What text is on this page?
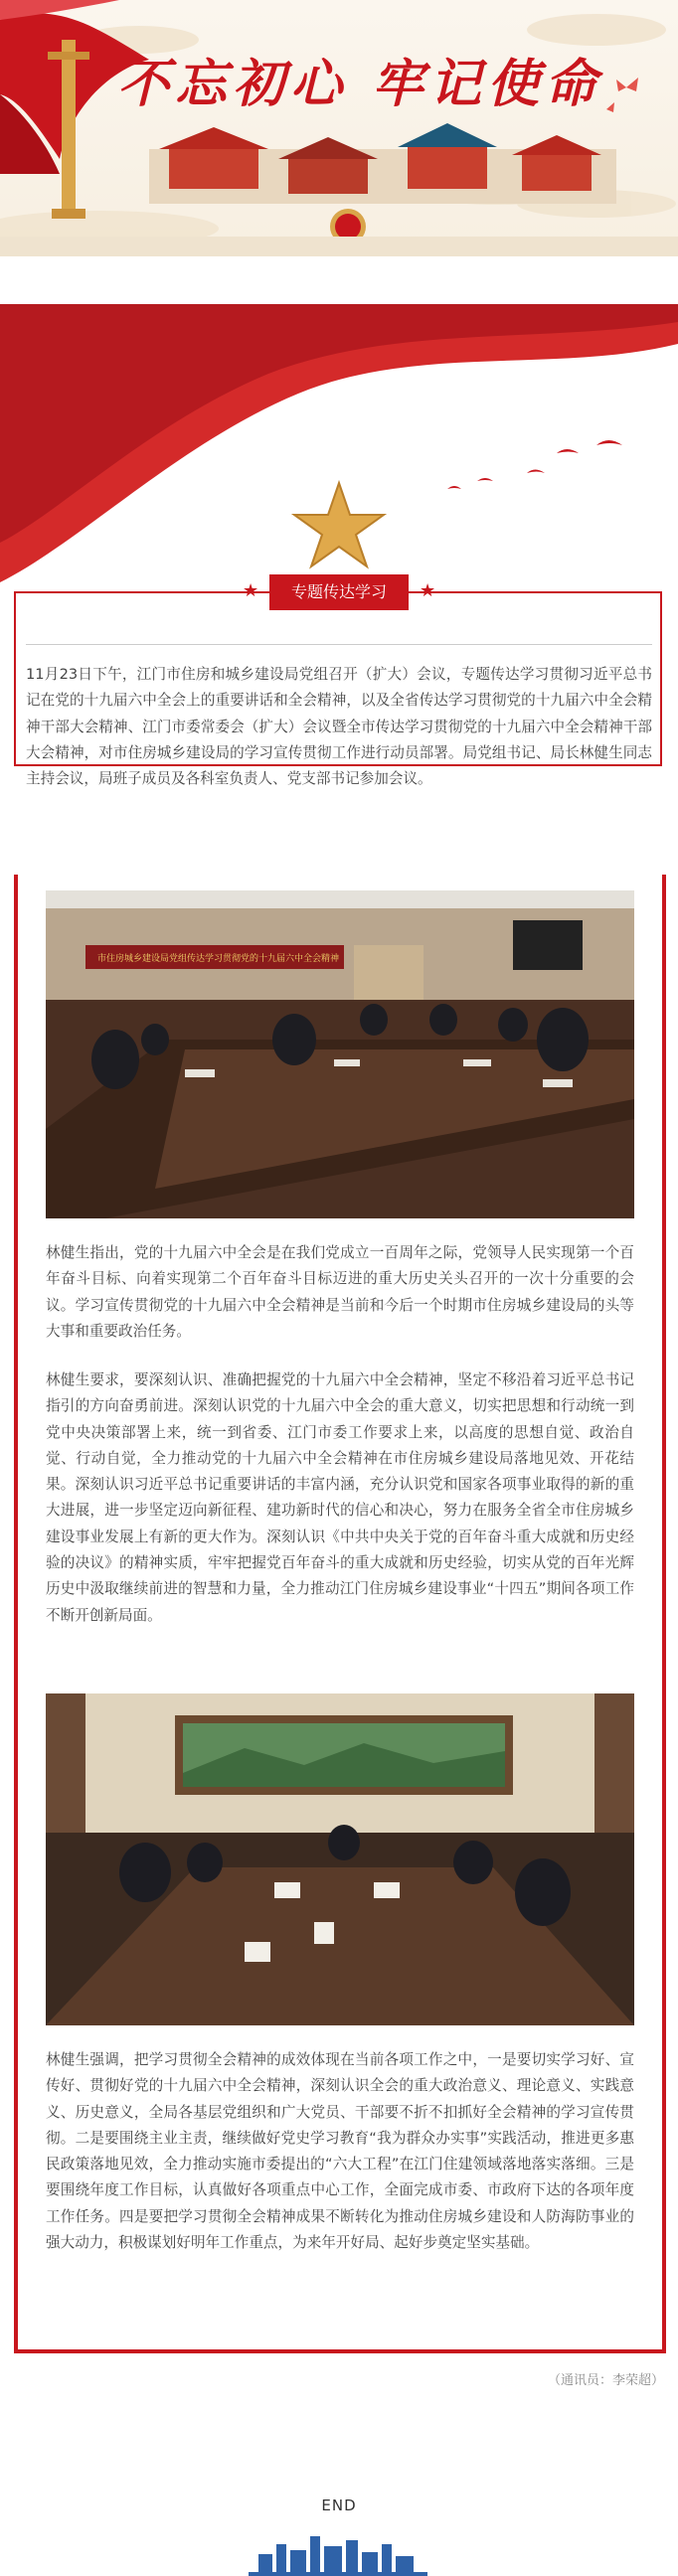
不忘初心 牢记使命
★	★
专题传达学习
11月23日下午，江门市住房和城乡建设局党组召开（扩大）会议，专题传达学习贯彻习近平总书记在党的十九届六中全会上的重要讲话和全会精神，以及全省传达学习贯彻党的十九届六中全会精神干部大会精神、江门市委常委会（扩大）会议暨全市传达学习贯彻党的十九届六中全会精神干部大会精神，对市住房城乡建设局的学习宣传贯彻工作进行动员部署。局党组书记、局长林健生同志主持会议，局班子成员及各科室负责人、党支部书记参加会议。
市住房城乡建设局党组传达学习贯彻党的十九届六中全会精神

林健生指出，党的十九届六中全会是在我们党成立一百周年之际，党领导人民实现第一个百年奋斗目标、向着实现第二个百年奋斗目标迈进的重大历史关头召开的一次十分重要的会议。学习宣传贯彻党的十九届六中全会精神是当前和今后一个时期市住房城乡建设局的头等大事和重要政治任务。

林健生要求，要深刻认识、准确把握党的十九届六中全会精神，坚定不移沿着习近平总书记指引的方向奋勇前进。深刻认识党的十九届六中全会的重大意义，切实把思想和行动统一到党中央决策部署上来，统一到省委、江门市委工作要求上来，以高度的思想自觉、政治自觉、行动自觉，全力推动党的十九届六中全会精神在市住房城乡建设局落地见效、开花结果。深刻认识习近平总书记重要讲话的丰富内涵，充分认识党和国家各项事业取得的新的重大进展，进一步坚定迈向新征程、建功新时代的信心和决心，努力在服务全省全市住房城乡建设事业发展上有新的更大作为。深刻认识《中共中央关于党的百年奋斗重大成就和历史经验的决议》的精神实质，牢牢把握党百年奋斗的重大成就和历史经验，切实从党的百年光辉历史中汲取继续前进的智慧和力量，全力推动江门住房城乡建设事业“十四五”期间各项工作不断开创新局面。

林健生强调，把学习贯彻全会精神的成效体现在当前各项工作之中，一是要切实学习好、宣传好、贯彻好党的十九届六中全会精神，深刻认识全会的重大政治意义、理论意义、实践意义、历史意义，全局各基层党组织和广大党员、干部要不折不扣抓好全会精神的学习宣传贯彻。二是要围绕主业主责，继续做好党史学习教育“我为群众办实事”实践活动，推进更多惠民政策落地见效，全力推动实施市委提出的“六大工程”在江门住建领域落地落实落细。三是要围绕年度工作目标，认真做好各项重点中心工作，全面完成市委、市政府下达的各项年度工作任务。四是要把学习贯彻全会精神成果不断转化为推动住房城乡建设和人防海防事业的强大动力，积极谋划好明年工作重点，为来年开好局、起好步奠定坚实基础。

（通讯员：李荣超）
END
